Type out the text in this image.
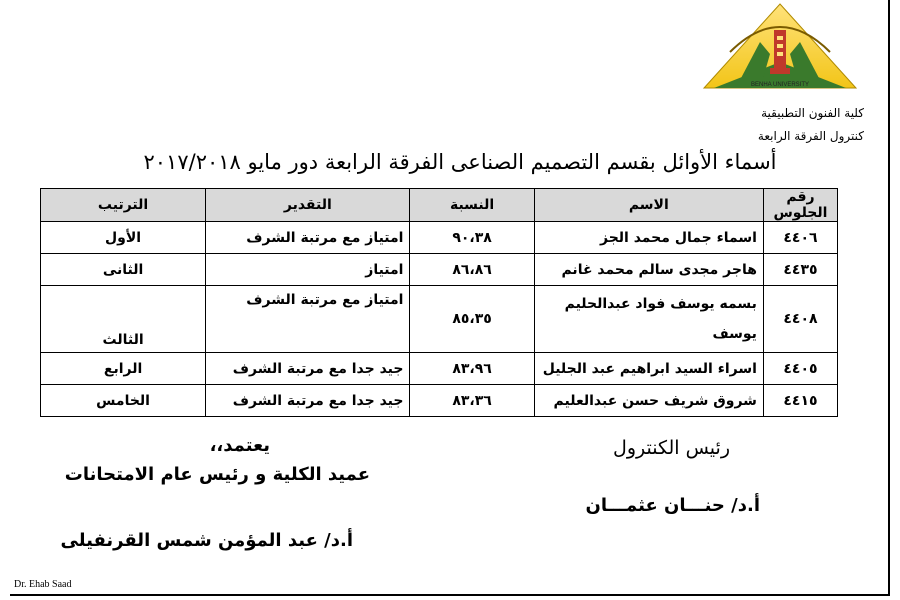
BENHA UNIVERSITY
كلية الفنون التطبيقية
كنترول الفرقة الرابعة
أسماء الأوائل بقسم التصميم الصناعى الفرقة الرابعة دور مايو ٢٠١٧/٢٠١٨
رقم الجلوس	الاسم	النسبة	التقدير	الترتيب
٤٤٠٦	اسماء جمال محمد الجز	٩٠،٣٨	امتياز مع مرتبة الشرف	الأول
٤٤٣٥	هاجر مجدى سالم محمد غانم	٨٦،٨٦	امتياز	الثانى
٤٤٠٨	بسمه يوسف فواد عبدالحليم يوسف	٨٥،٣٥	امتياز مع مرتبة الشرف	الثالث
٤٤٠٥	اسراء السيد ابراهيم عبد الجليل	٨٣،٩٦	جيد جدا مع مرتبة الشرف	الرابع
٤٤١٥	شروق شريف حسن عبدالعليم	٨٣،٣٦	جيد جدا مع مرتبة الشرف	الخامس
رئيس الكنترول
أ.د/ حنـــان عثمـــان
يعتمد،،
عميد الكلية و رئيس عام الامتحانات
أ.د/ عبد المؤمن شمس القرنفيلى
Dr. Ehab Saad
